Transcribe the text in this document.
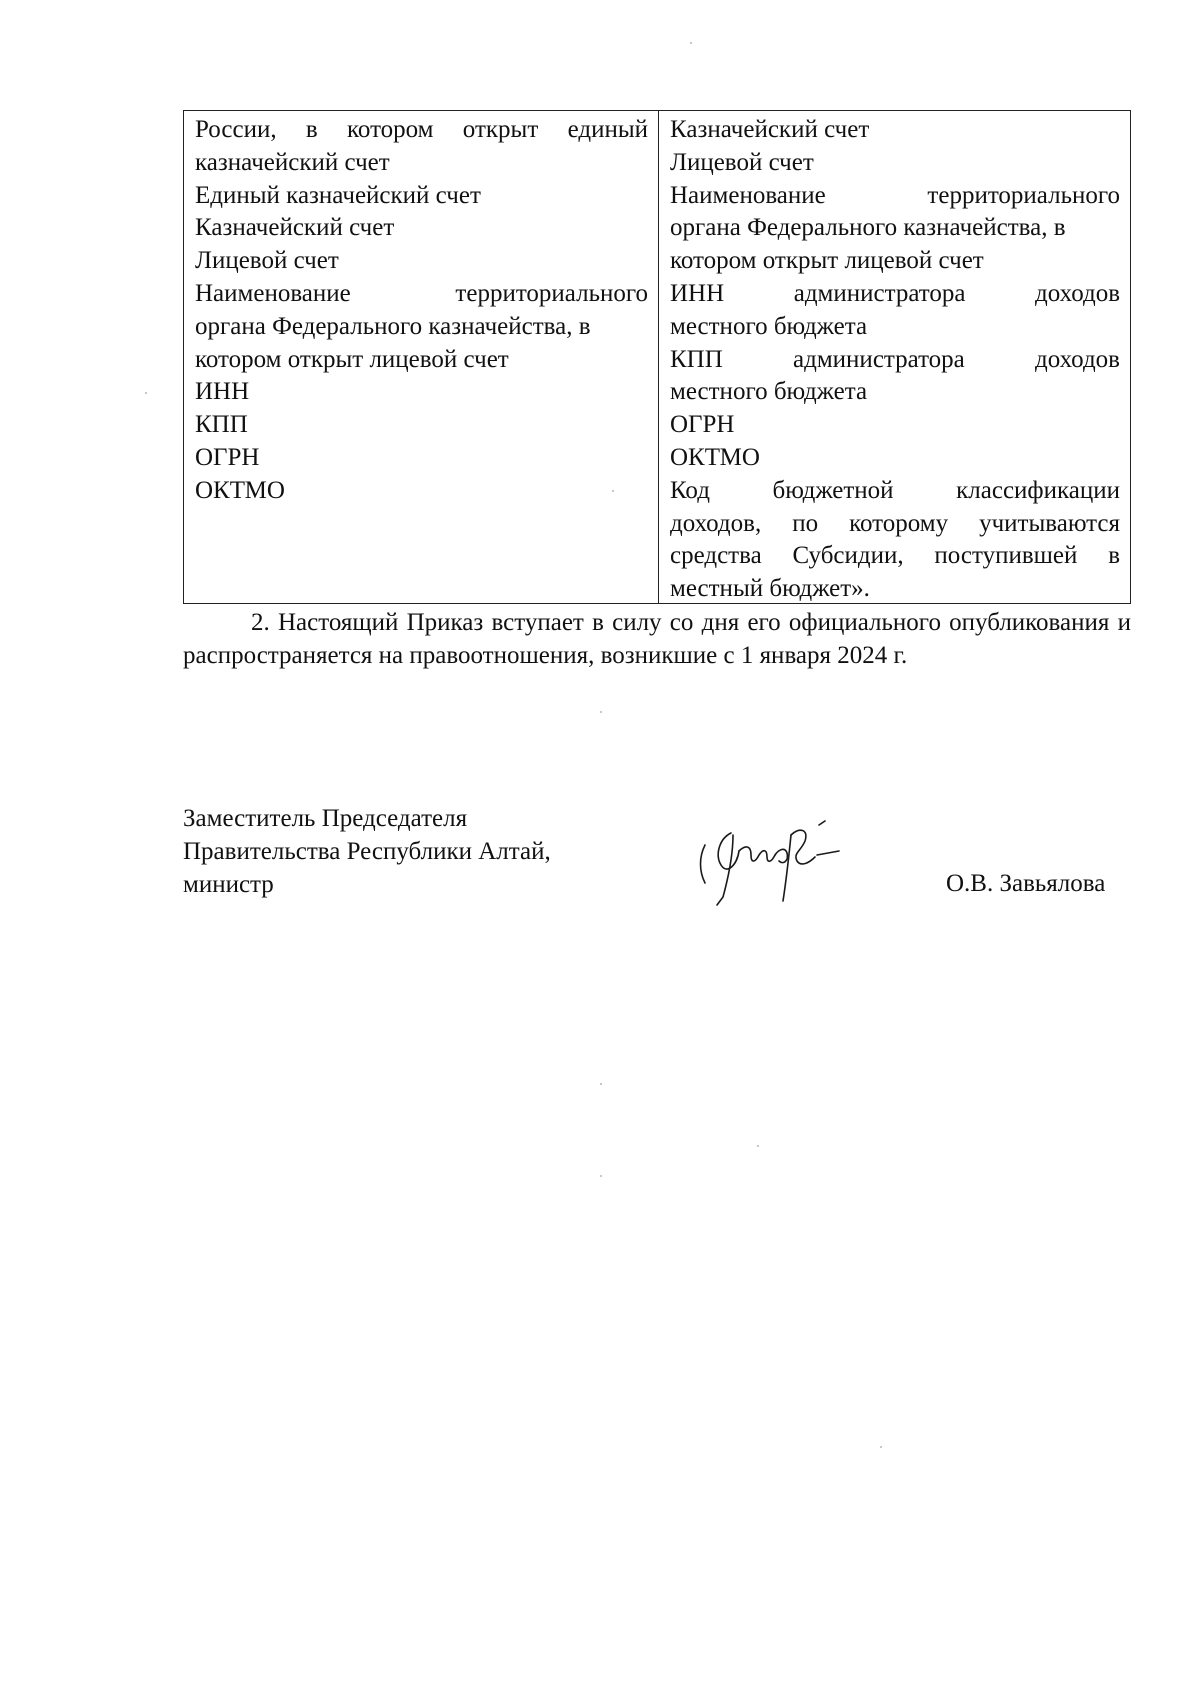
России, в котором открыт единый
казначейский счет
Единый казначейский счет
Казначейский счет
Лицевой счет
Наименование территориального
органа Федерального казначейства, в
котором открыт лицевой счет
ИНН
КПП
ОГРН
ОКТМО
Казначейский счет
Лицевой счет
Наименование территориального
органа Федерального казначейства, в
котором открыт лицевой счет
ИНН администратора доходов
местного бюджета
КПП администратора доходов
местного бюджета
ОГРН
ОКТМО
Код бюджетной классификации
доходов, по которому учитываются
средства Субсидии, поступившей в
местный бюджет».
2. Настоящий Приказ вступает в силу со дня его официального опубликования и распространяется на правоотношения, возникшие с 1 января 2024 г.
Заместитель Председателя
Правительства Республики Алтай,
министр	О.В. Завьялова
